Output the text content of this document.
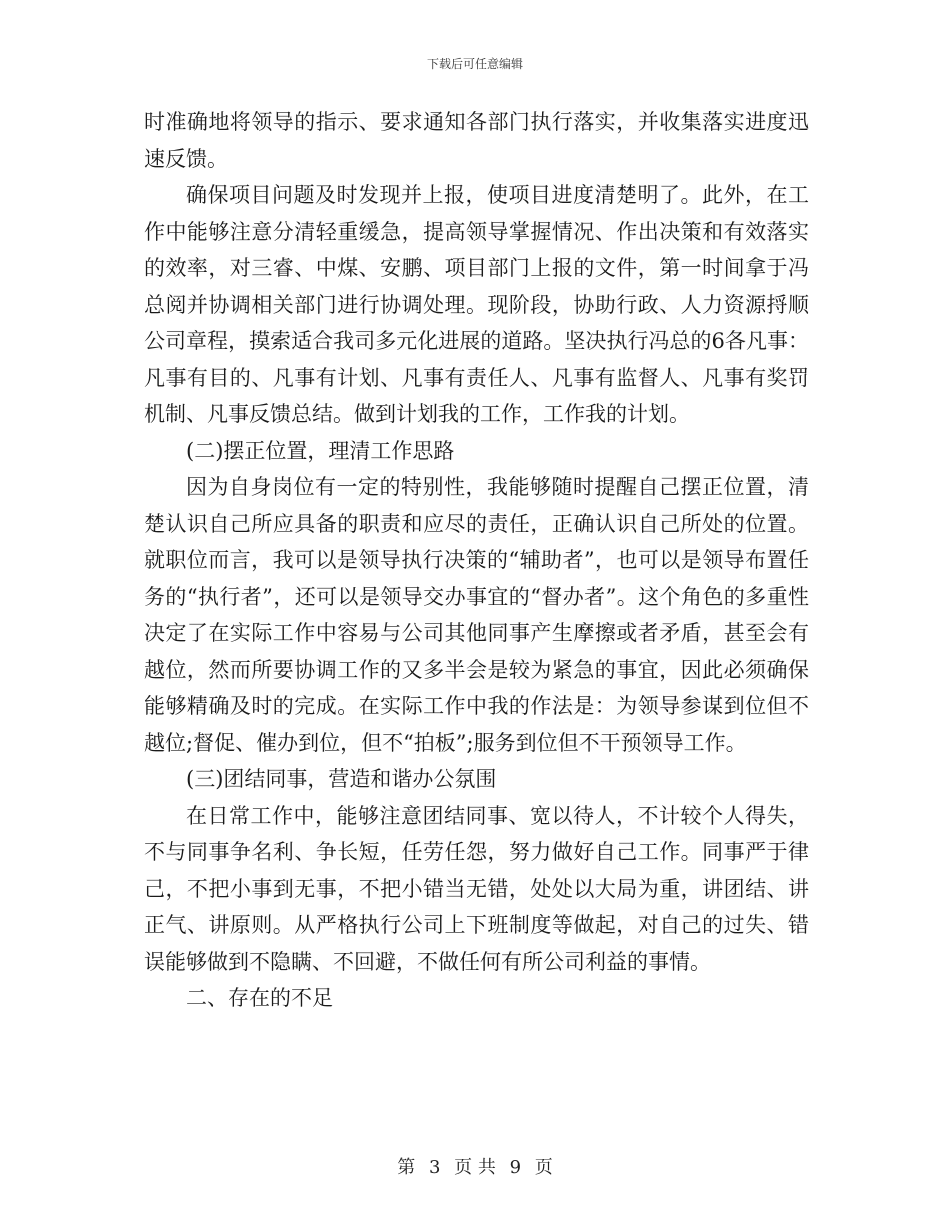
下载后可任意编辑

时准确地将领导的指示、要求通知各部门执行落实，并收集落实进度迅速反馈。

确保项目问题及时发现并上报，使项目进度清楚明了。此外，在工作中能够注意分清轻重缓急，提高领导掌握情况、作出决策和有效落实的效率，对三睿、中煤、安鹏、项目部门上报的文件，第一时间拿于冯总阅并协调相关部门进行协调处理。现阶段，协助行政、人力资源捋顺公司章程，摸索适合我司多元化进展的道路。坚决执行冯总的6各凡事：凡事有目的、凡事有计划、凡事有责任人、凡事有监督人、凡事有奖罚机制、凡事反馈总结。做到计划我的工作，工作我的计划。

(二)摆正位置，理清工作思路

因为自身岗位有一定的特别性，我能够随时提醒自己摆正位置，清楚认识自己所应具备的职责和应尽的责任，正确认识自己所处的位置。就职位而言，我可以是领导执行决策的“辅助者”，也可以是领导布置任务的“执行者”，还可以是领导交办事宜的“督办者”。这个角色的多重性决定了在实际工作中容易与公司其他同事产生摩擦或者矛盾，甚至会有越位，然而所要协调工作的又多半会是较为紧急的事宜，因此必须确保能够精确及时的完成。在实际工作中我的作法是：为领导参谋到位但不越位;督促、催办到位，但不“拍板”;服务到位但不干预领导工作。

(三)团结同事，营造和谐办公氛围

在日常工作中，能够注意团结同事、宽以待人，不计较个人得失，不与同事争名利、争长短，任劳任怨，努力做好自己工作。同事严于律己，不把小事到无事，不把小错当无错，处处以大局为重，讲团结、讲正气、讲原则。从严格执行公司上下班制度等做起，对自己的过失、错误能够做到不隐瞒、不回避，不做任何有所公司利益的事情。

二、存在的不足

第 3 页 共 9 页
